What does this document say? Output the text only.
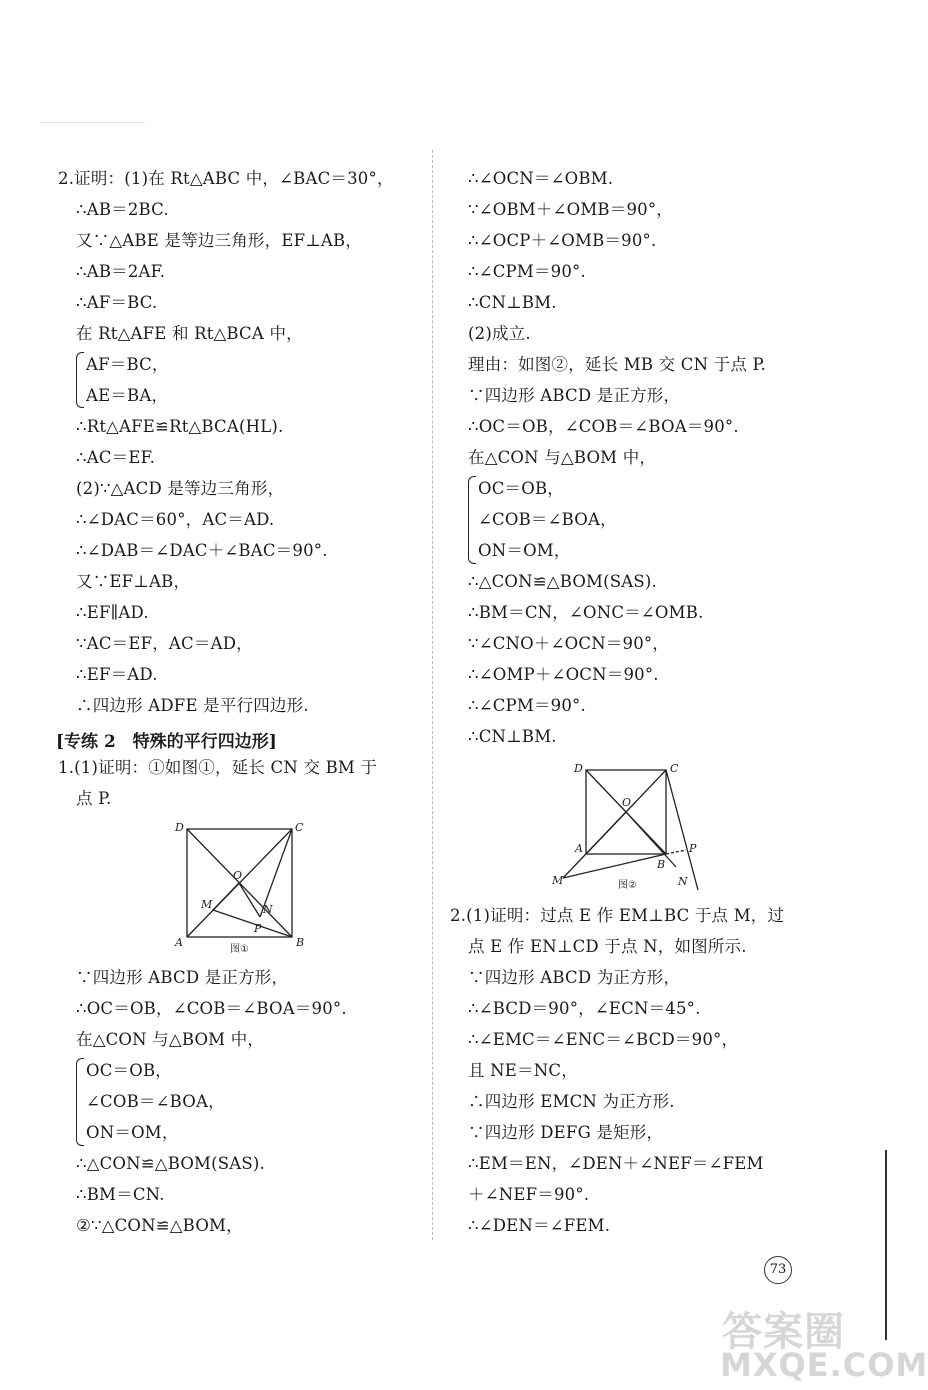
2.证明：(1)在 Rt△ABC 中，∠BAC＝30°，
∴AB＝2BC.
又∵△ABE 是等边三角形，EF⊥AB，
∴AB＝2AF.
∴AF＝BC.
在 Rt△AFE 和 Rt△BCA 中，
AF＝BC，
AE＝BA，
∴Rt△AFE≌Rt△BCA(HL).
∴AC＝EF.
(2)∵△ACD 是等边三角形，
∴∠DAC＝60°，AC＝AD.
∴∠DAB＝∠DAC＋∠BAC＝90°.
又∵EF⊥AB，
∴EF∥AD.
∵AC＝EF，AC＝AD，
∴EF＝AD.
∴四边形 ADFE 是平行四边形.
[专练 2　特殊的平行四边形]
1.(1)证明：①如图①，延长 CN 交 BM 于
点 P.
D	C
A	B
O
M	N
P
图①
∵四边形 ABCD 是正方形，
∴OC＝OB，∠COB＝∠BOA＝90°.
在△CON 与△BOM 中，
OC＝OB，
∠COB＝∠BOA，
ON＝OM，
∴△CON≌△BOM(SAS).
∴BM＝CN.
②∵△CON≌△BOM，
∴∠OCN＝∠OBM.
∵∠OBM＋∠OMB＝90°，
∴∠OCP＋∠OMB＝90°.
∴∠CPM＝90°.
∴CN⊥BM.
(2)成立.
理由：如图②，延长 MB 交 CN 于点 P.
∵四边形 ABCD 是正方形，
∴OC＝OB，∠COB＝∠BOA＝90°.
在△CON 与△BOM 中，
OC＝OB，
∠COB＝∠BOA，
ON＝OM，
∴△CON≌△BOM(SAS).
∴BM＝CN，∠ONC＝∠OMB.
∵∠CNO＋∠OCN＝90°，
∴∠OMP＋∠OCN＝90°.
∴∠CPM＝90°.
∴CN⊥BM.
D	C
A
B
O
M	N
P
图②
2.(1)证明：过点 E 作 EM⊥BC 于点 M，过
点 E 作 EN⊥CD 于点 N，如图所示.
∵四边形 ABCD 为正方形，
∴∠BCD＝90°，∠ECN＝45°.
∴∠EMC＝∠ENC＝∠BCD＝90°，
且 NE＝NC，
∴四边形 EMCN 为正方形.
∵四边形 DEFG 是矩形，
∴EM＝EN，∠DEN＋∠NEF＝∠FEM
＋∠NEF＝90°.
∴∠DEN＝∠FEM.
73
答案圈
MXQE.COM
